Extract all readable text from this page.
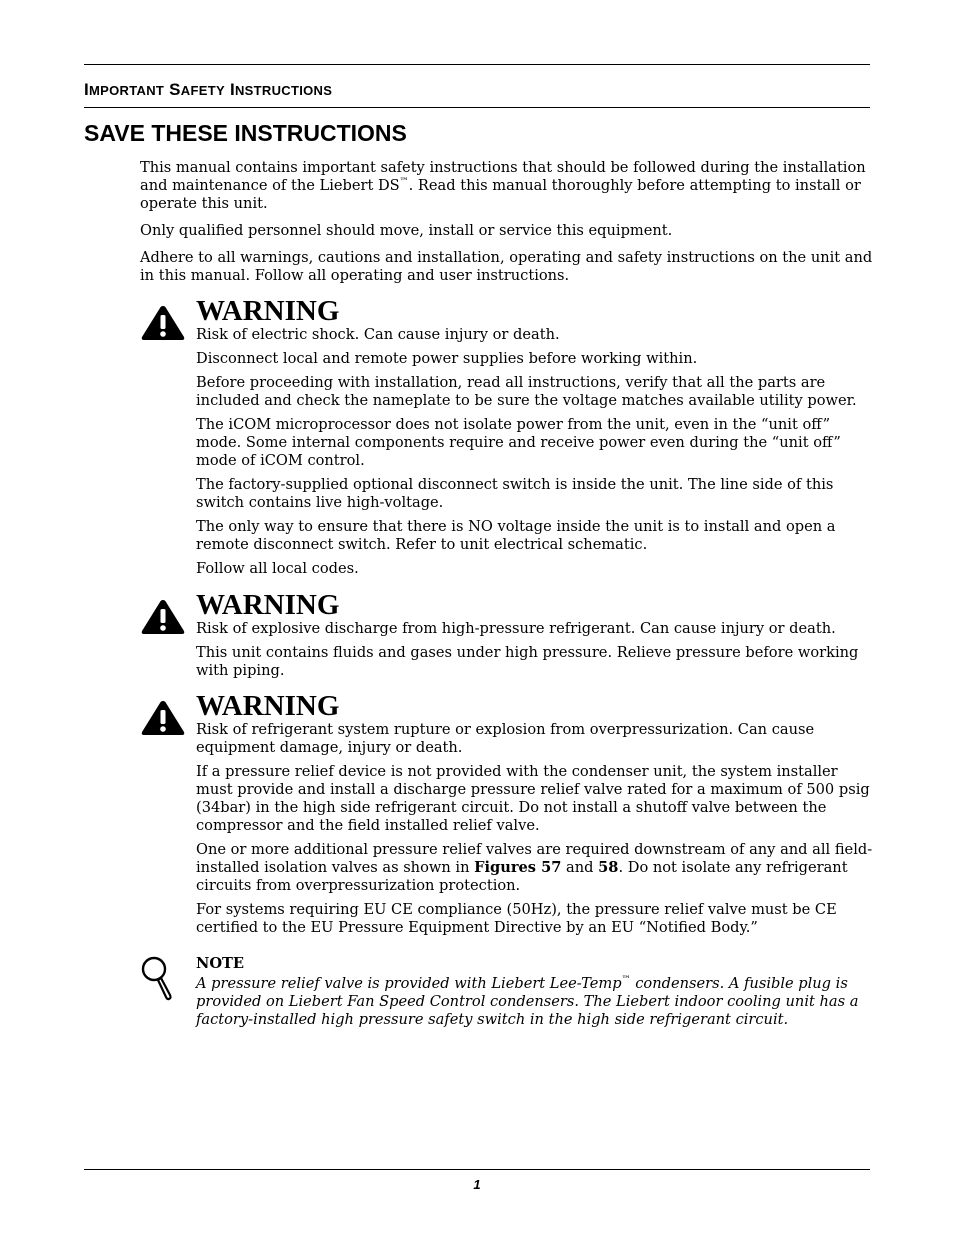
IMPORTANT SAFETY INSTRUCTIONS
SAVE THESE INSTRUCTIONS

This manual contains important safety instructions that should be followed during the installation and maintenance of the Liebert DS™. Read this manual thoroughly before attempting to install or operate this unit.

Only qualified personnel should move, install or service this equipment.

Adhere to all warnings, cautions and installation, operating and safety instructions on the unit and in this manual. Follow all operating and user instructions.

WARNING

Risk of electric shock. Can cause injury or death.

Disconnect local and remote power supplies before working within.

Before proceeding with installation, read all instructions, verify that all the parts are included and check the nameplate to be sure the voltage matches available utility power.

The iCOM microprocessor does not isolate power from the unit, even in the “unit off” mode. Some internal components require and receive power even during the “unit off” mode of iCOM control.

The factory-supplied optional disconnect switch is inside the unit. The line side of this switch contains live high-voltage.

The only way to ensure that there is NO voltage inside the unit is to install and open a remote disconnect switch. Refer to unit electrical schematic.

Follow all local codes.

WARNING

Risk of explosive discharge from high-pressure refrigerant. Can cause injury or death.

This unit contains fluids and gases under high pressure. Relieve pressure before working with piping.

WARNING

Risk of refrigerant system rupture or explosion from overpressurization. Can cause equipment damage, injury or death.

If a pressure relief device is not provided with the condenser unit, the system installer must provide and install a discharge pressure relief valve rated for a maximum of 500 psig (34bar) in the high side refrigerant circuit. Do not install a shutoff valve between the compressor and the field installed relief valve.

One or more additional pressure relief valves are required downstream of any and all field-installed isolation valves as shown in Figures 57 and 58. Do not isolate any refrigerant circuits from overpressurization protection.

For systems requiring EU CE compliance (50Hz), the pressure relief valve must be CE certified to the EU Pressure Equipment Directive by an EU “Notified Body.”

NOTE

A pressure relief valve is provided with Liebert Lee-Temp™ condensers. A fusible plug is provided on Liebert Fan Speed Control condensers. The Liebert indoor cooling unit has a factory-installed high pressure safety switch in the high side refrigerant circuit.

1
